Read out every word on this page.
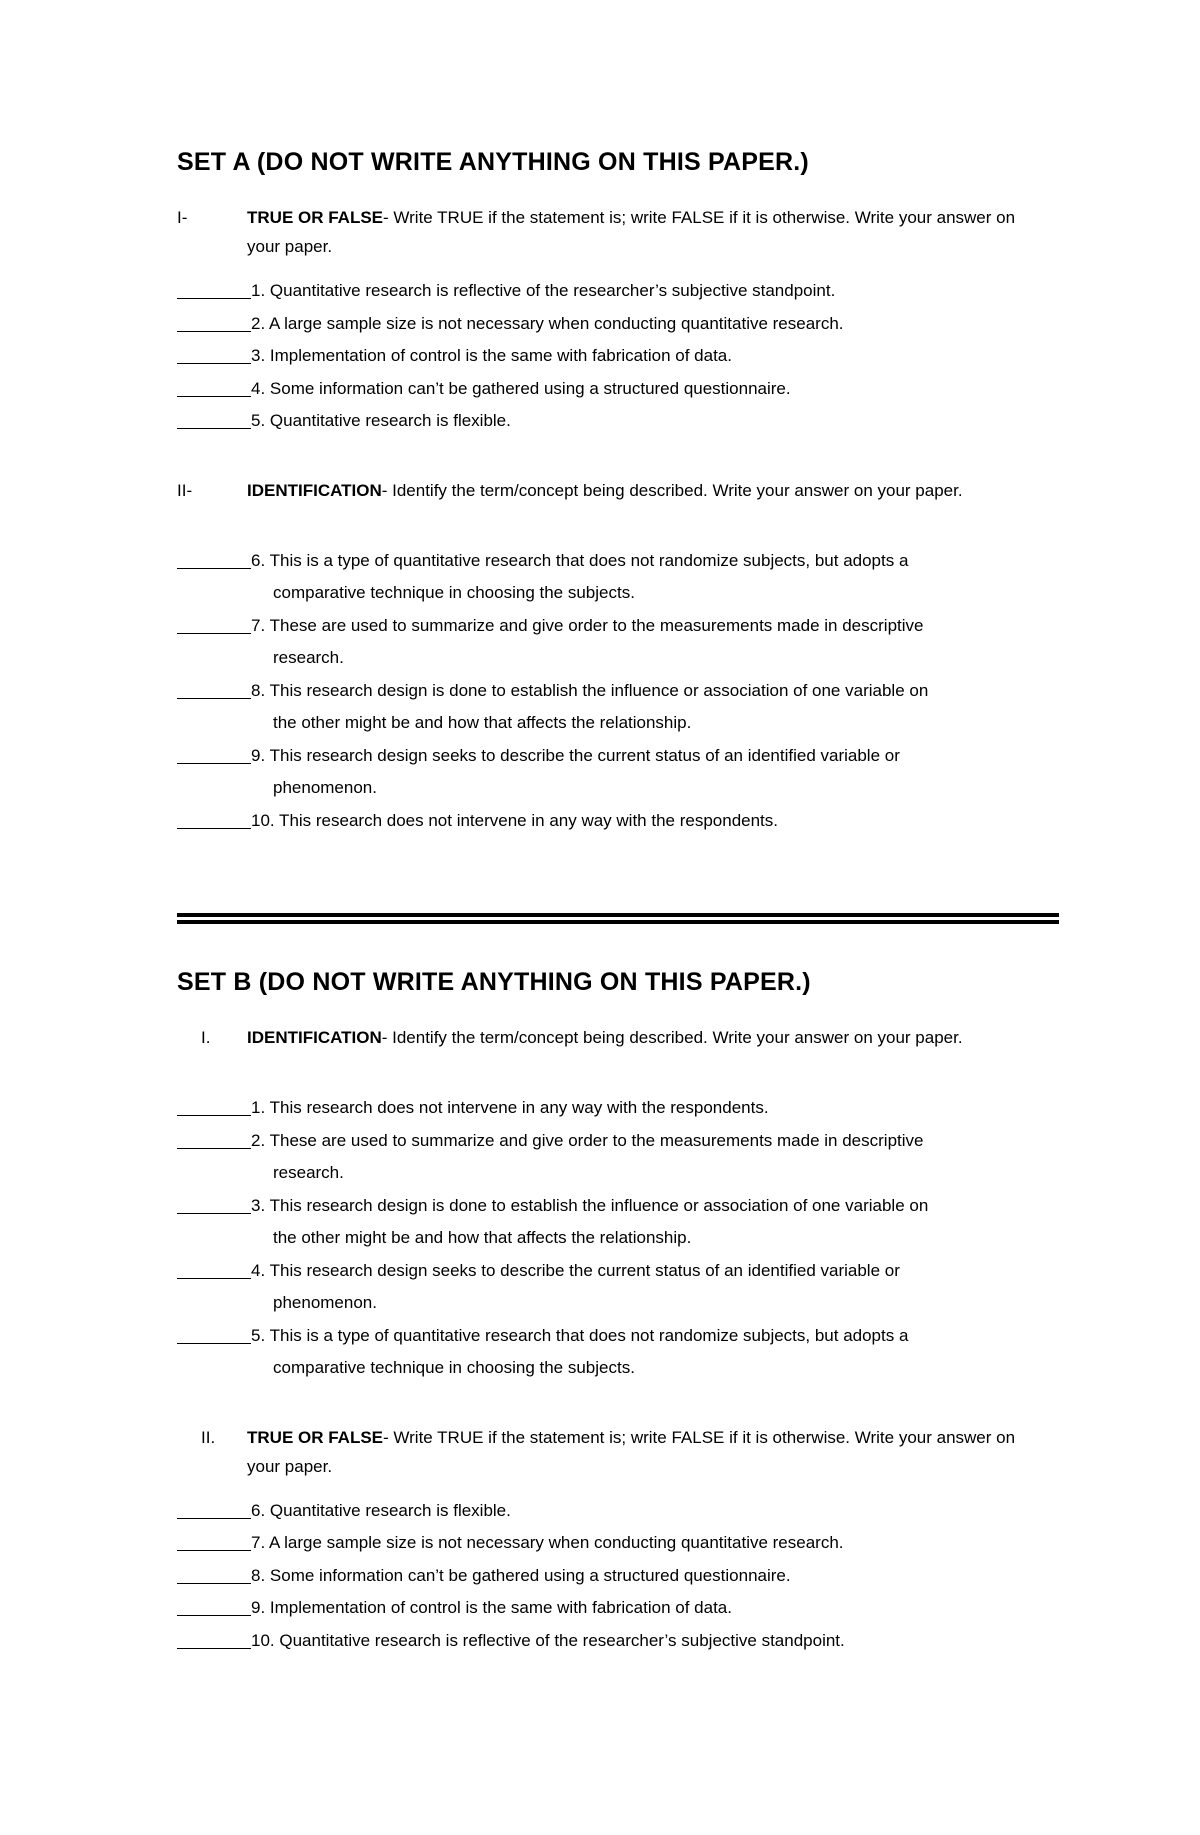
SET A (DO NOT WRITE ANYTHING ON THIS PAPER.)
I-	TRUE OR FALSE- Write TRUE if the statement is; write FALSE if it is otherwise. Write your answer on your paper.
1. Quantitative research is reflective of the researcher’s subjective standpoint.
2. A large sample size is not necessary when conducting quantitative research.
3. Implementation of control is the same with fabrication of data.
4. Some information can’t be gathered using a structured questionnaire.
5. Quantitative research is flexible.
II-	IDENTIFICATION- Identify the term/concept being described. Write your answer on your paper.
6. This is a type of quantitative research that does not randomize subjects, but adopts a
comparative technique in choosing the subjects.
7. These are used to summarize and give order to the measurements made in descriptive
research.
8. This research design is done to establish the influence or association of one variable on
the other might be and how that affects the relationship.
9. This research design seeks to describe the current status of an identified variable or
phenomenon.
10. This research does not intervene in any way with the respondents.
SET B (DO NOT WRITE ANYTHING ON THIS PAPER.)
I.	IDENTIFICATION- Identify the term/concept being described. Write your answer on your paper.
1. This research does not intervene in any way with the respondents.
2. These are used to summarize and give order to the measurements made in descriptive
research.
3. This research design is done to establish the influence or association of one variable on
the other might be and how that affects the relationship.
4. This research design seeks to describe the current status of an identified variable or
phenomenon.
5. This is a type of quantitative research that does not randomize subjects, but adopts a
comparative technique in choosing the subjects.
II.	TRUE OR FALSE- Write TRUE if the statement is; write FALSE if it is otherwise. Write your answer on your paper.
6. Quantitative research is flexible.
7. A large sample size is not necessary when conducting quantitative research.
8. Some information can’t be gathered using a structured questionnaire.
9. Implementation of control is the same with fabrication of data.
10. Quantitative research is reflective of the researcher’s subjective standpoint.
